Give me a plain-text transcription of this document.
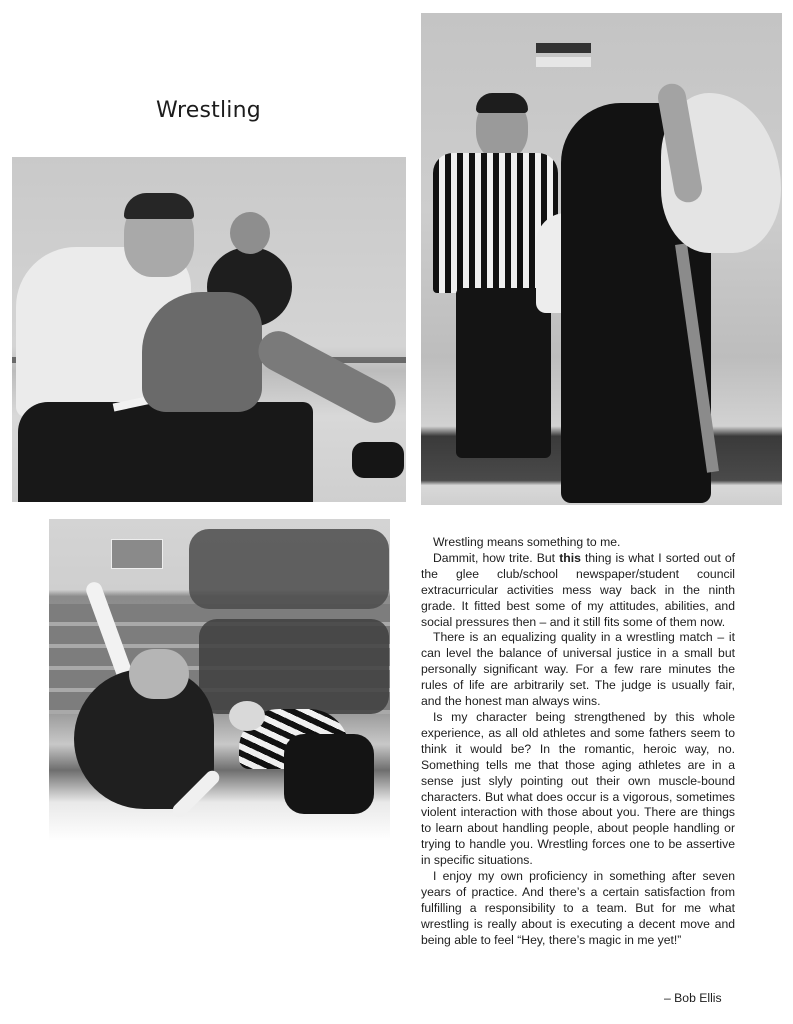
Wrestling

Wrestling means something to me.

Dammit, how trite. But this thing is what I sorted out of the glee club/school newspaper/student council extracurricular activities mess way back in the ninth grade. It fitted best some of my attitudes, abilities, and social pressures then – and it still fits some of them now.

There is an equalizing quality in a wrestling match – it can level the balance of universal justice in a small but personally significant way. For a few rare minutes the rules of life are arbitrarily set. The judge is usually fair, and the honest man always wins.

Is my character being strengthened by this whole experience, as all old athletes and some fathers seem to think it would be? In the romantic, heroic way, no. Something tells me that those aging athletes are in a sense just slyly pointing out their own muscle-bound characters. But what does occur is a vigorous, sometimes violent interaction with those about you. There are things to learn about handling people, about people handling or trying to handle you. Wrestling forces one to be assertive in specific situations.

I enjoy my own proficiency in something after seven years of practice. And there’s a certain satisfaction from fulfilling a responsibility to a team. But for me what wrestling is really about is executing a decent move and being able to feel “Hey, there’s magic in me yet!”

– Bob Ellis
